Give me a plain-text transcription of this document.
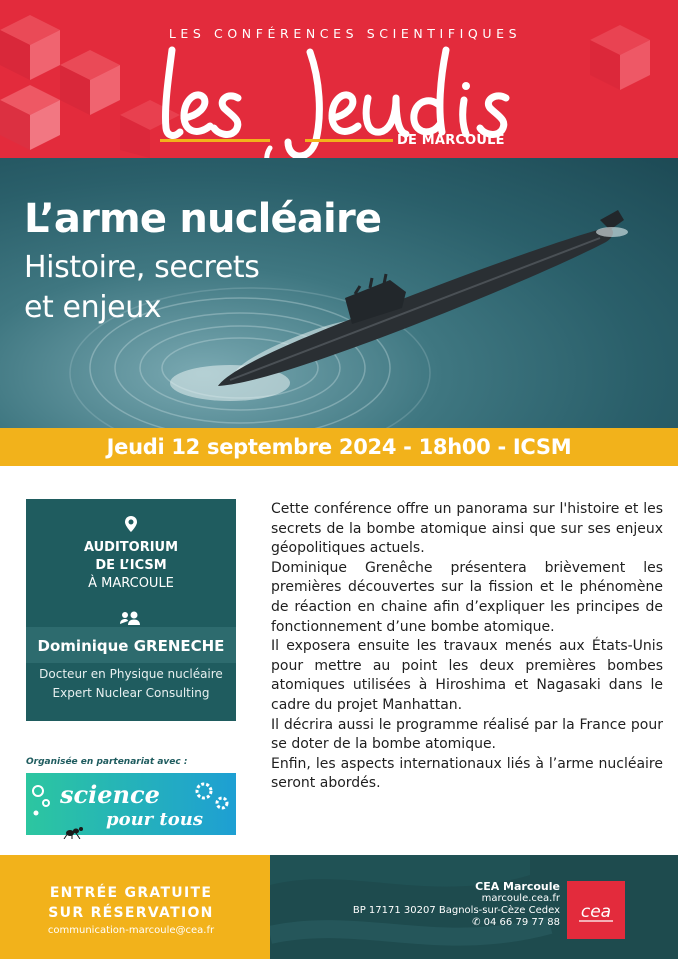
LES CONFÉRENCES SCIENTIFIQUES
DE MARCOULE
L’arme nucléaire
Histoire, secrets
et enjeux
Jeudi 12 septembre 2024 - 18h00 - ICSM
AUDITORIUM
DE L’ICSM
À MARCOULE
Dominique GRENECHE
Docteur en Physique nucléaire
Expert Nuclear Consulting
Organisée en partenariat avec :
science
pour tous

Cette conférence offre un panorama sur l'histoire et les secrets de la bombe atomique ainsi que sur ses enjeux géopolitiques actuels.

Dominique Grenêche présentera brièvement les premières découvertes sur la fission et le phénomène de réaction en chaine afin d’expliquer les principes de fonctionnement d’une bombe atomique.

Il exposera ensuite les travaux menés aux États-Unis pour mettre au point les deux premières bombes atomiques utilisées à Hiroshima et Nagasaki dans le cadre du projet Manhattan.

Il décrira aussi le programme réalisé par la France pour se doter de la bombe atomique.

Enfin, les aspects internationaux liés à l’arme nucléaire seront abordés.

ENTRÉE GRATUITE
SUR RÉSERVATION
communication-marcoule@cea.fr
CEA Marcoule
marcoule.cea.fr
BP 17171 30207 Bagnols-sur-Cèze Cedex
✆ 04 66 79 77 88
cea
